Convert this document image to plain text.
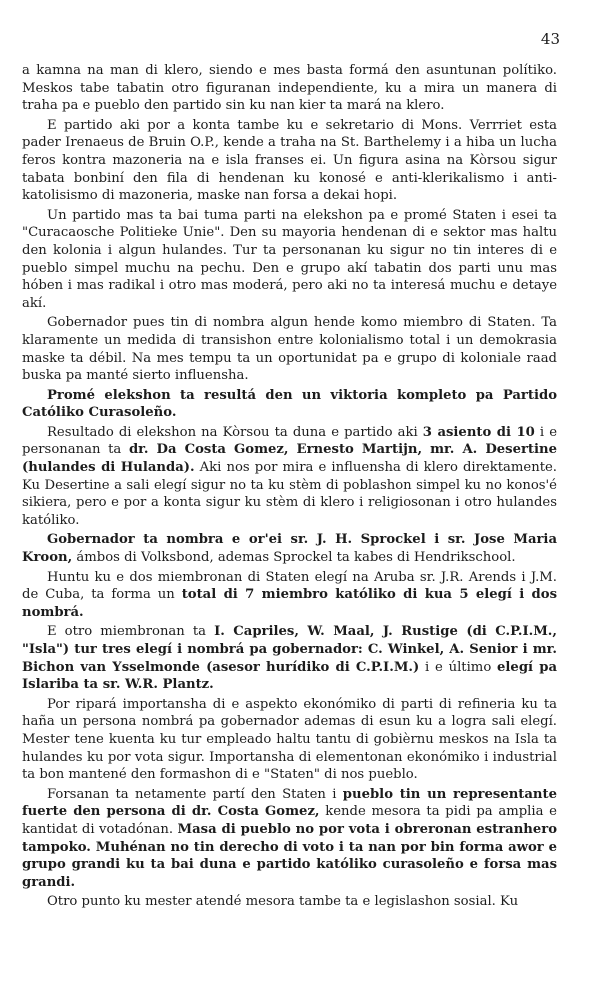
43

a kamna na man di klero, siendo e mes basta formá den asuntunan polítiko. Meskos tabe tabatin otro figuranan independiente, ku a mira un manera di traha pa e pueblo den partido sin ku nan kier ta mará na klero.

E partido aki por a konta tambe ku e sekretario di Mons. Verrriet esta pader Irenaeus de Bruin O.P., kende a traha na St. Barthelemy i a hiba un lucha feros kontra mazoneria na e isla franses ei. Un figura asina na Kòrsou sigur tabata bonbiní den fila di hendenan ku konosé e anti-klerikalismo i anti-katolisismo di mazoneria, maske nan forsa a dekai hopi.

Un partido mas ta bai tuma parti na elekshon pa e promé Staten i esei ta "Curacaosche Politieke Unie". Den su mayoria hendenan di e sektor mas haltu den kolonia i algun hulandes. Tur ta personanan ku sigur no tin interes di e pueblo simpel muchu na pechu. Den e grupo akí tabatin dos parti unu mas hóben i mas radikal i otro mas moderá, pero aki no ta interesá muchu e detaye akí.

Gobernador pues tin di nombra algun hende komo miembro di Staten. Ta klaramente un medida di transishon entre kolonialismo total i un demokrasia maske ta débil. Na mes tempu ta un oportunidat pa e grupo di koloniale raad buska pa manté sierto influensha.

Promé elekshon ta resultá den un viktoria kompleto pa Partido Católiko Curasoleño.

Resultado di elekshon na Kòrsou ta duna e partido aki 3 asiento di 10 i e personanan ta dr. Da Costa Gomez, Ernesto Martijn, mr. A. Desertine (hulandes di Hulanda). Aki nos por mira e influensha di klero direktamente. Ku Desertine a sali elegí sigur no ta ku stèm di poblashon simpel ku no konos'é sikiera, pero e por a konta sigur ku stèm di klero i religiosonan i otro hulandes katóliko.

Gobernador ta nombra e or'ei sr. J. H. Sprockel i sr. Jose Maria Kroon, ámbos di Volksbond, ademas Sprockel ta kabes di Hendrikschool.

Huntu ku e dos miembronan di Staten elegí na Aruba sr. J.R. Arends i J.M. de Cuba, ta forma un total di 7 miembro katóliko di kua 5 elegí i dos nombrá.

E otro miembronan ta I. Capriles, W. Maal, J. Rustige (di C.P.I.M., "Isla") tur tres elegí i nombrá pa gobernador: C. Winkel, A. Senior i mr. Bichon van Ysselmonde (asesor hurídiko di C.P.I.M.) i e último elegí pa Islariba ta sr. W.R. Plantz.

Por ripará importansha di e aspekto ekonómiko di parti di refineria ku ta haña un persona nombrá pa gobernador ademas di esun ku a logra sali elegí. Mester tene kuenta ku tur empleado haltu tantu di gobièrnu meskos na Isla ta hulandes ku por vota sigur. Importansha di elementonan ekonómiko i industrial ta bon mantené den formashon di e "Staten" di nos pueblo.

Forsanan ta netamente partí den Staten i pueblo tin un representante fuerte den persona di dr. Costa Gomez, kende mesora ta pidi pa amplia e kantidat di votadónan. Masa di pueblo no por vota i obreronan estranhero tampoko. Muhénan no tin derecho di voto i ta nan por bin forma awor e grupo grandi ku ta bai duna e partido katóliko curasoleño e forsa mas grandi.

Otro punto ku mester atendé mesora tambe ta e legislashon sosial. Ku
